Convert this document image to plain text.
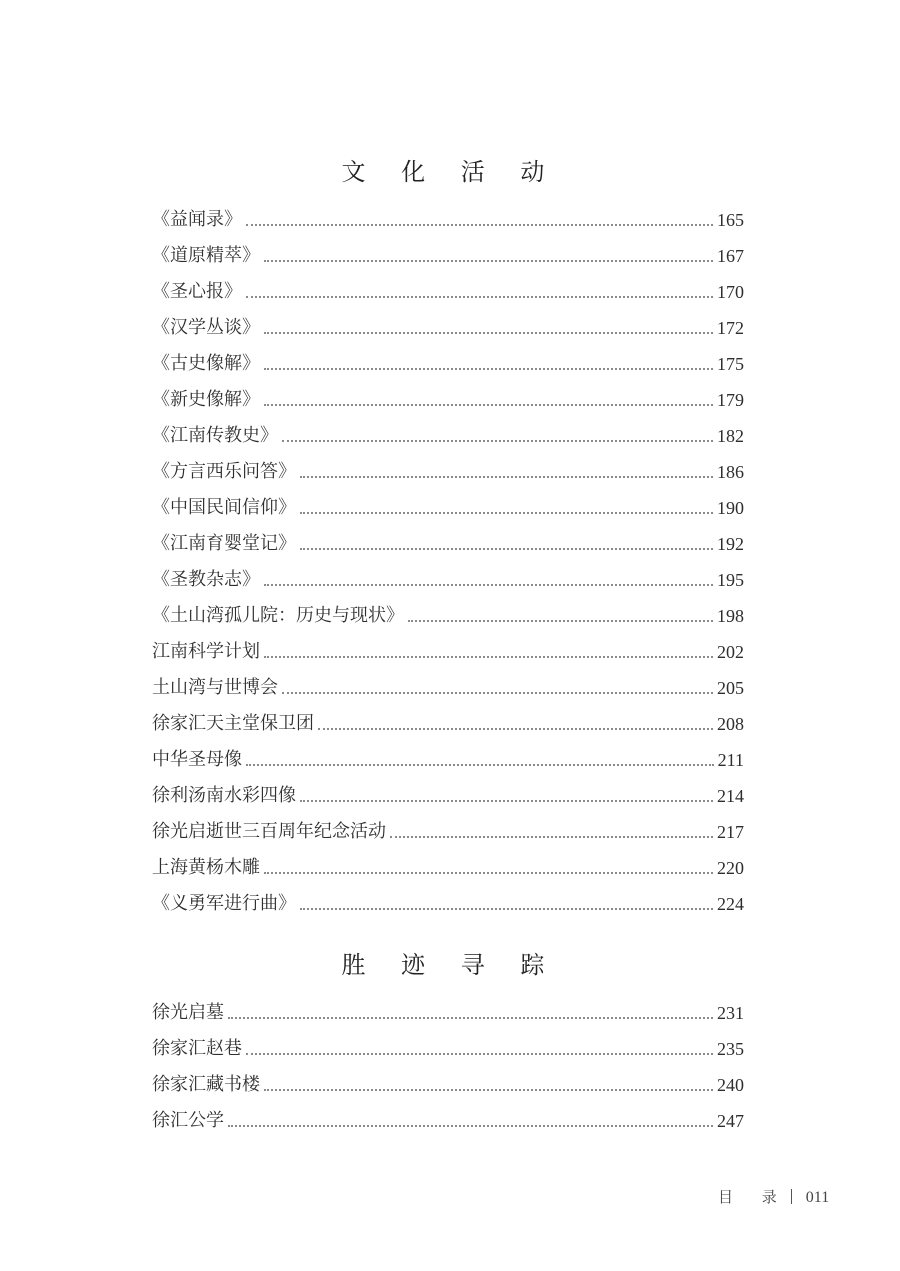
文 化 活 动
《益闻录》	165
《道原精萃》	167
《圣心报》	170
《汉学丛谈》	172
《古史像解》	175
《新史像解》	179
《江南传教史》	182
《方言西乐问答》	186
《中国民间信仰》	190
《江南育婴堂记》	192
《圣教杂志》	195
《土山湾孤儿院：历史与现状》	198
江南科学计划	202
土山湾与世博会	205
徐家汇天主堂保卫团	208
中华圣母像	211
徐利汤南水彩四像	214
徐光启逝世三百周年纪念活动	217
上海黄杨木雕	220
《义勇军进行曲》	224
胜 迹 寻 踪
徐光启墓	231
徐家汇赵巷	235
徐家汇藏书楼	240
徐汇公学	247
目 录 011
